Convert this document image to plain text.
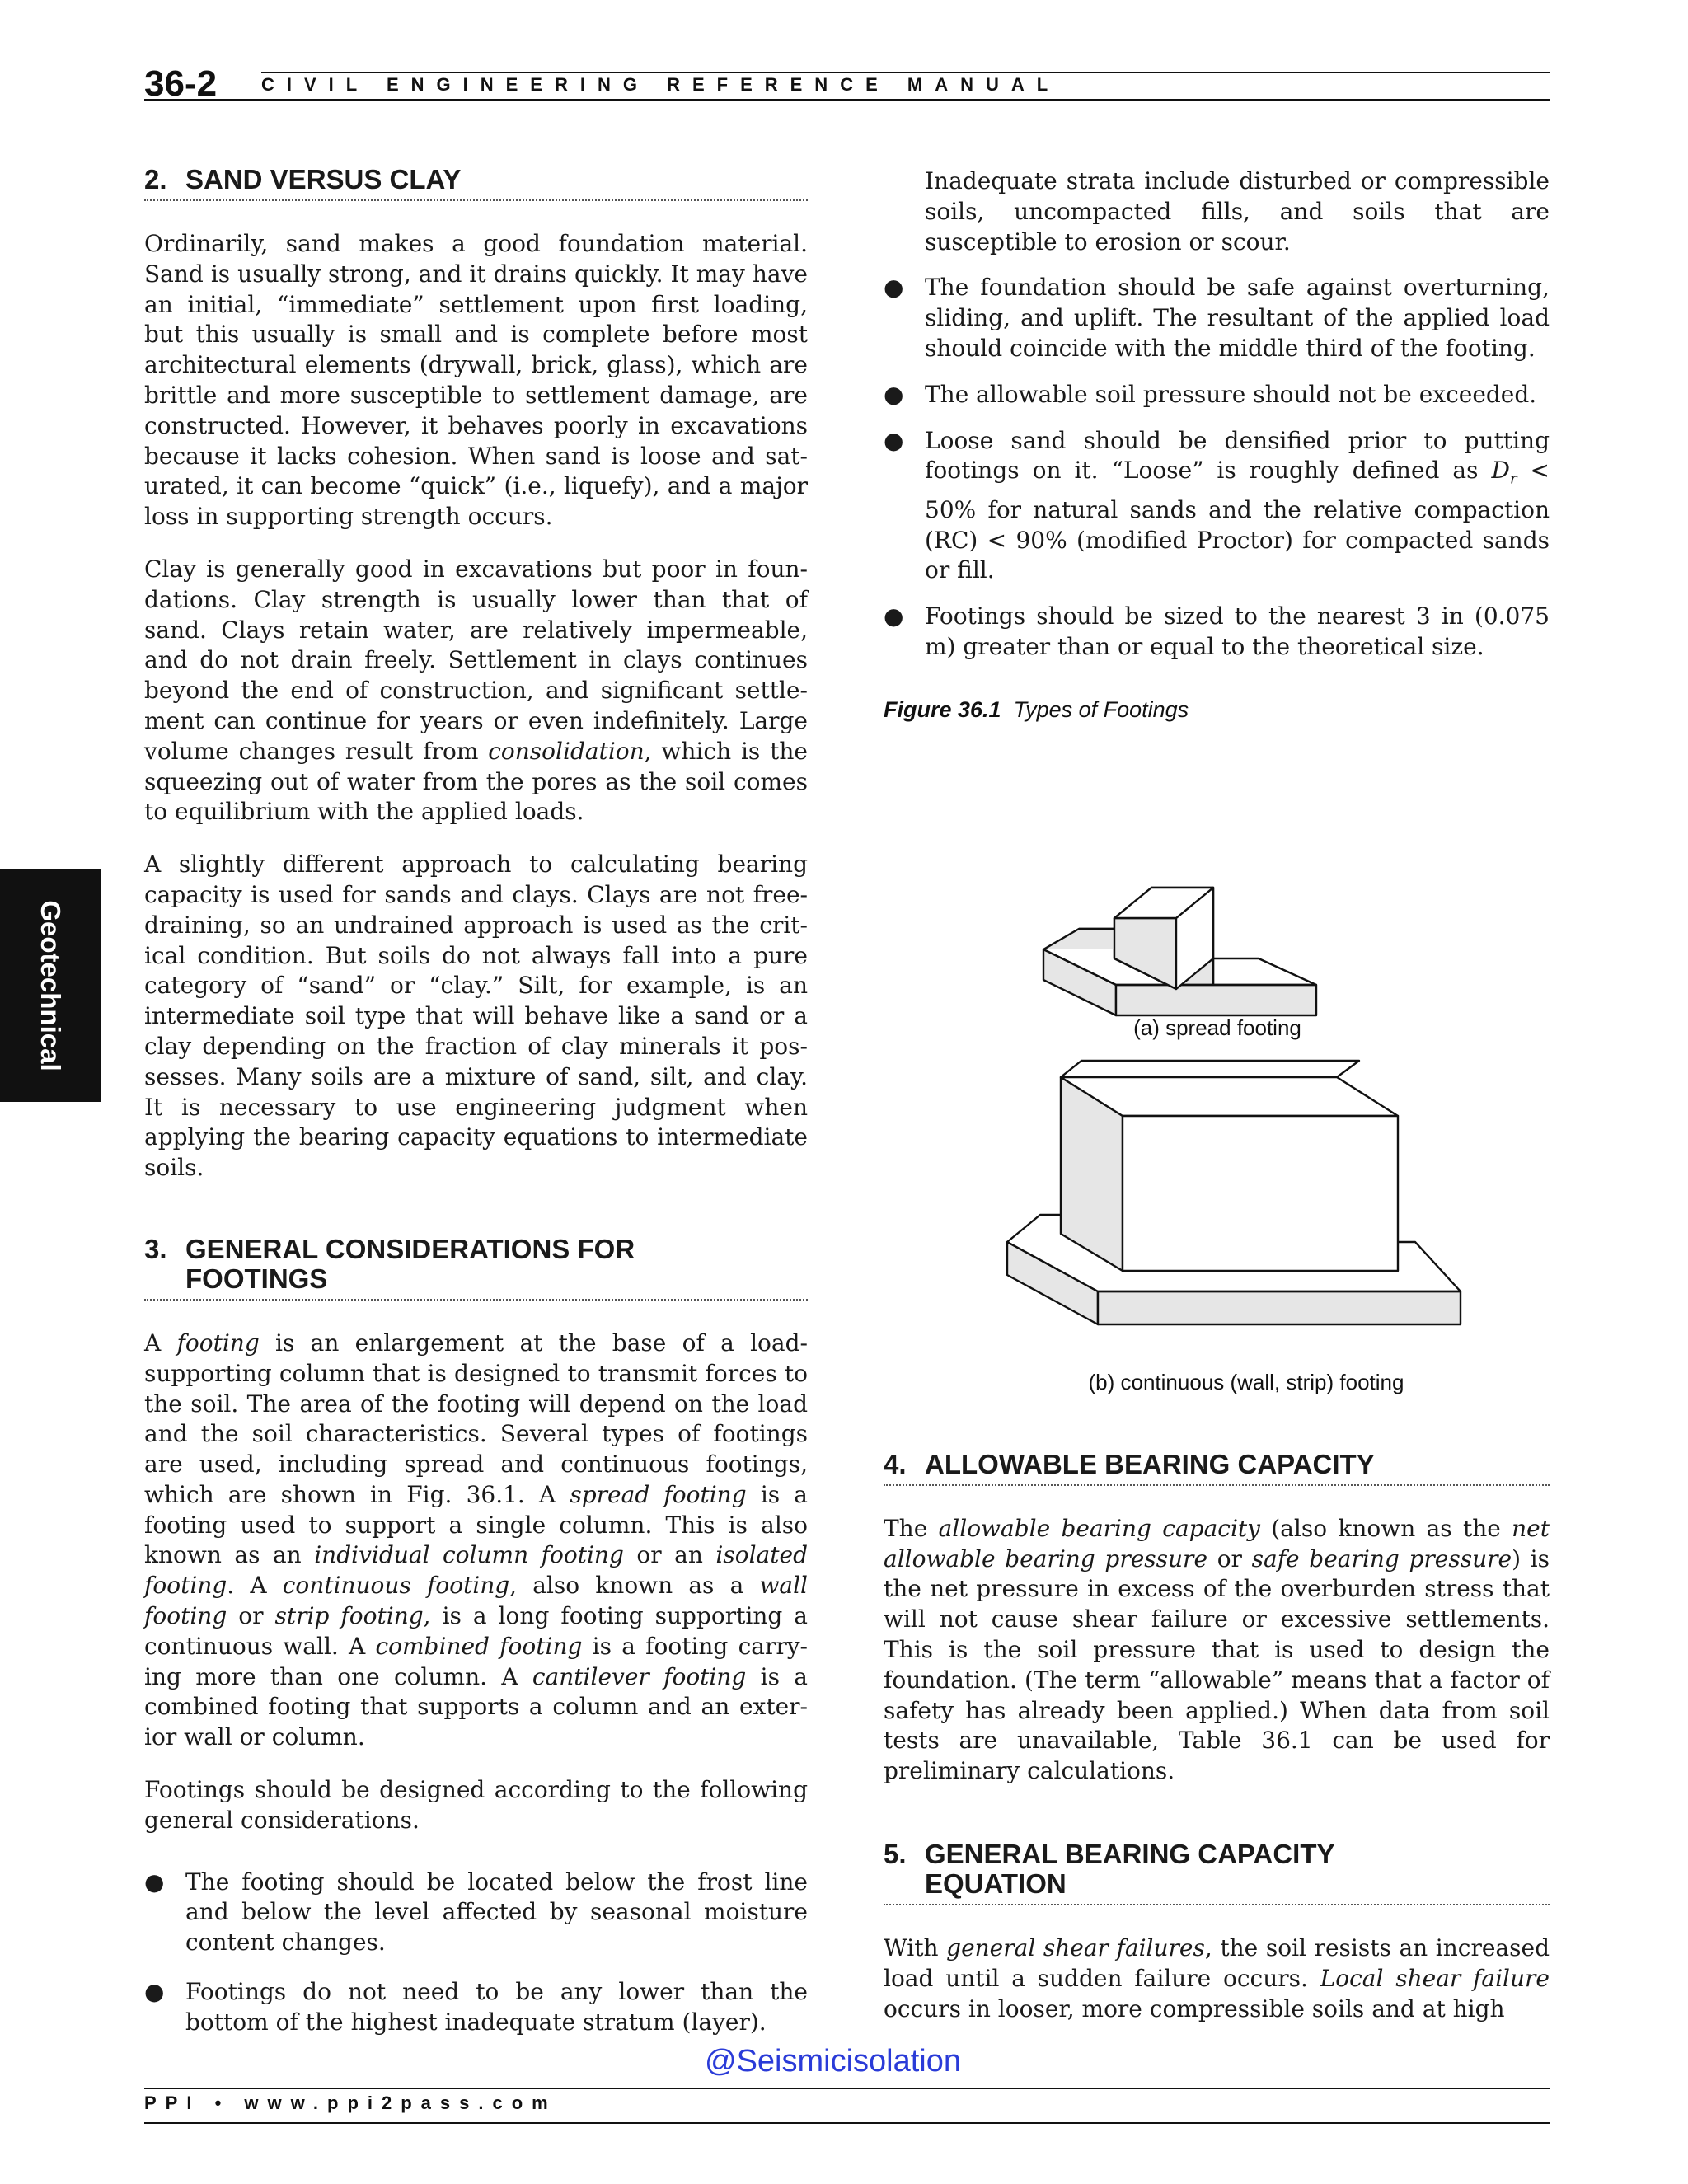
36-2 CIVIL ENGINEERING REFERENCE MANUAL
Geotechnical
2. SAND VERSUS CLAY

Ordinarily, sand makes a good foundation material. Sand is usually strong, and it drains quickly. It may have an initial, “immediate” settlement upon first loading, but this usually is small and is complete before most architectural elements (drywall, brick, glass), which are brittle and more susceptible to settlement damage, are constructed. However, it behaves poorly in excavations because it lacks cohesion. When sand is loose and saturated, it can become “quick” (i.e., liquefy), and a major loss in supporting strength occurs.

Clay is generally good in excavations but poor in foundations. Clay strength is usually lower than that of sand. Clays retain water, are relatively impermeable, and do not drain freely. Settlement in clays continues beyond the end of construction, and significant settlement can continue for years or even indefinitely. Large volume changes result from consolidation, which is the squeezing out of water from the pores as the soil comes to equilibrium with the applied loads.

A slightly different approach to calculating bearing capacity is used for sands and clays. Clays are not free-draining, so an undrained approach is used as the critical condition. But soils do not always fall into a pure category of “sand” or “clay.” Silt, for example, is an intermediate soil type that will behave like a sand or a clay depending on the fraction of clay minerals it possesses. Many soils are a mixture of sand, silt, and clay. It is necessary to use engineering judgment when applying the bearing capacity equations to intermediate soils.

3. GENERAL CONSIDERATIONS FOR
FOOTINGS

A footing is an enlargement at the base of a load-supporting column that is designed to transmit forces to the soil. The area of the footing will depend on the load and the soil characteristics. Several types of footings are used, including spread and continuous footings, which are shown in Fig. 36.1. A spread footing is a footing used to support a single column. This is also known as an individual column footing or an isolated footing. A continuous footing, also known as a wall footing or strip footing, is a long footing supporting a continuous wall. A combined footing is a footing carrying more than one column. A cantilever footing is a combined footing that supports a column and an exterior wall or column.

Footings should be designed according to the following general considerations.

● The footing should be located below the frost line and below the level affected by seasonal moisture content changes.
● Footings do not need to be any lower than the bottom of the highest inadequate stratum (layer).
Inadequate strata include disturbed or compressible soils, uncompacted fills, and soils that are susceptible to erosion or scour.
● The foundation should be safe against overturning, sliding, and uplift. The resultant of the applied load should coincide with the middle third of the footing.
● The allowable soil pressure should not be exceeded.
● Loose sand should be densified prior to putting footings on it. “Loose” is roughly defined as $D_r < 50\%$ for natural sands and the relative compaction (RC) < 90% (modified Proctor) for compacted sands or fill.
● Footings should be sized to the nearest 3 in (0.075 m) greater than or equal to the theoretical size.
Figure 36.1 Types of Footings
(a) spread footing
(b) continuous (wall, strip) footing
4. ALLOWABLE BEARING CAPACITY

The allowable bearing capacity (also known as the net allowable bearing pressure or safe bearing pressure) is the net pressure in excess of the overburden stress that will not cause shear failure or excessive settlements. This is the soil pressure that is used to design the foundation. (The term “allowable” means that a factor of safety has already been applied.) When data from soil tests are unavailable, Table 36.1 can be used for preliminary calculations.

5. GENERAL BEARING CAPACITY
EQUATION

With general shear failures, the soil resists an increased load until a sudden failure occurs. Local shear failure occurs in looser, more compressible soils and at high

@Seismicisolation
PPI • www.ppi2pass.com
